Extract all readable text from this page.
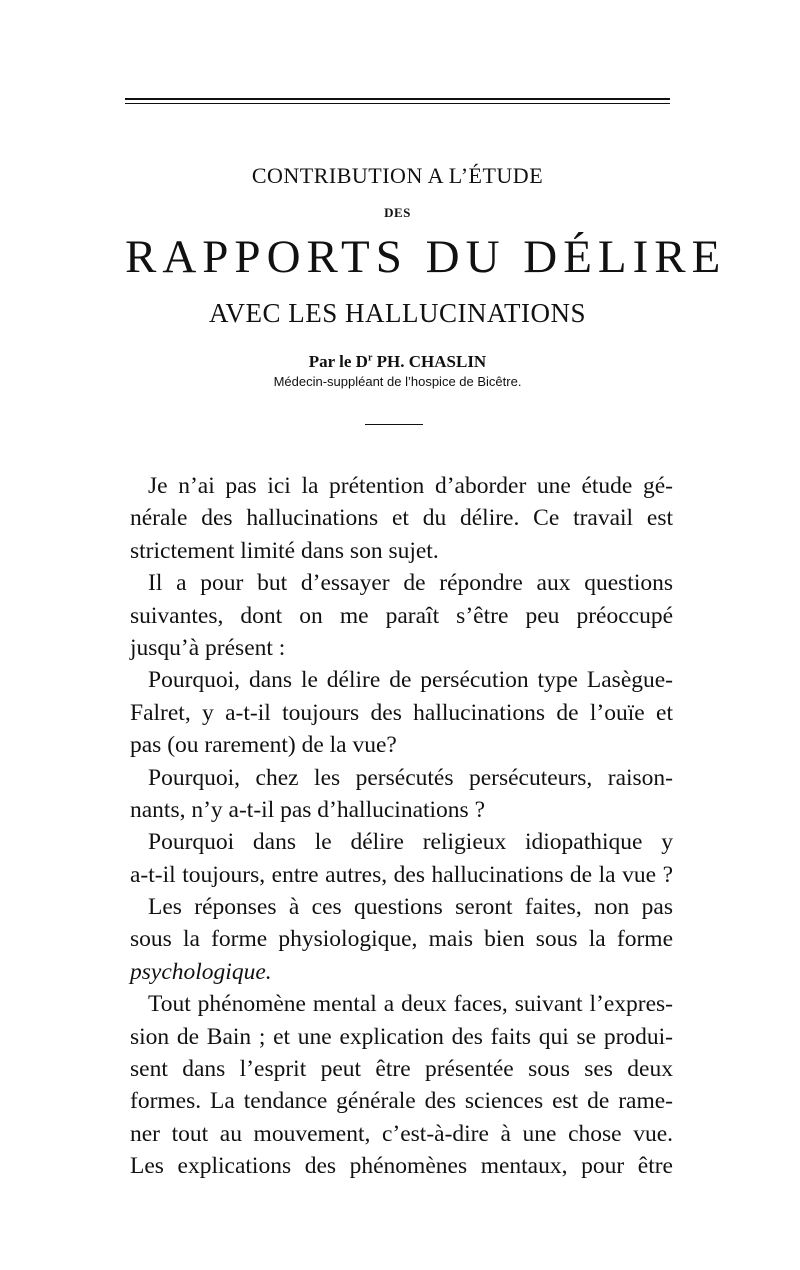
CONTRIBUTION A L’ÉTUDE
DES
RAPPORTS DU DÉLIRE
AVEC LES HALLUCINATIONS
Par le $D^r$ PH. CHASLIN
Médecin-suppléant de l’hospice de Bicêtre.
Je n’ai pas ici la prétention d’aborder une étude gé-
nérale des hallucinations et du délire. Ce travail est
strictement limité dans son sujet.
Il a pour but d’essayer de répondre aux questions
suivantes, dont on me paraît s’être peu préoccupé
jusqu’à présent :
Pourquoi, dans le délire de persécution type Lasègue-
Falret, y a-t-il toujours des hallucinations de l’ouïe et
pas (ou rarement) de la vue?
Pourquoi, chez les persécutés persécuteurs, raison-
nants, n’y a-t-il pas d’hallucinations ?
Pourquoi dans le délire religieux idiopathique y
a-t-il toujours, entre autres, des hallucinations de la vue ?
Les réponses à ces questions seront faites, non pas
sous la forme physiologique, mais bien sous la forme
psychologique.
Tout phénomène mental a deux faces, suivant l’expres-
sion de Bain ; et une explication des faits qui se produi-
sent dans l’esprit peut être présentée sous ses deux
formes. La tendance générale des sciences est de ramе-
ner tout au mouvement, c’est-à-dire à une chose vue.
Les explications des phénomènes mentaux, pour être
